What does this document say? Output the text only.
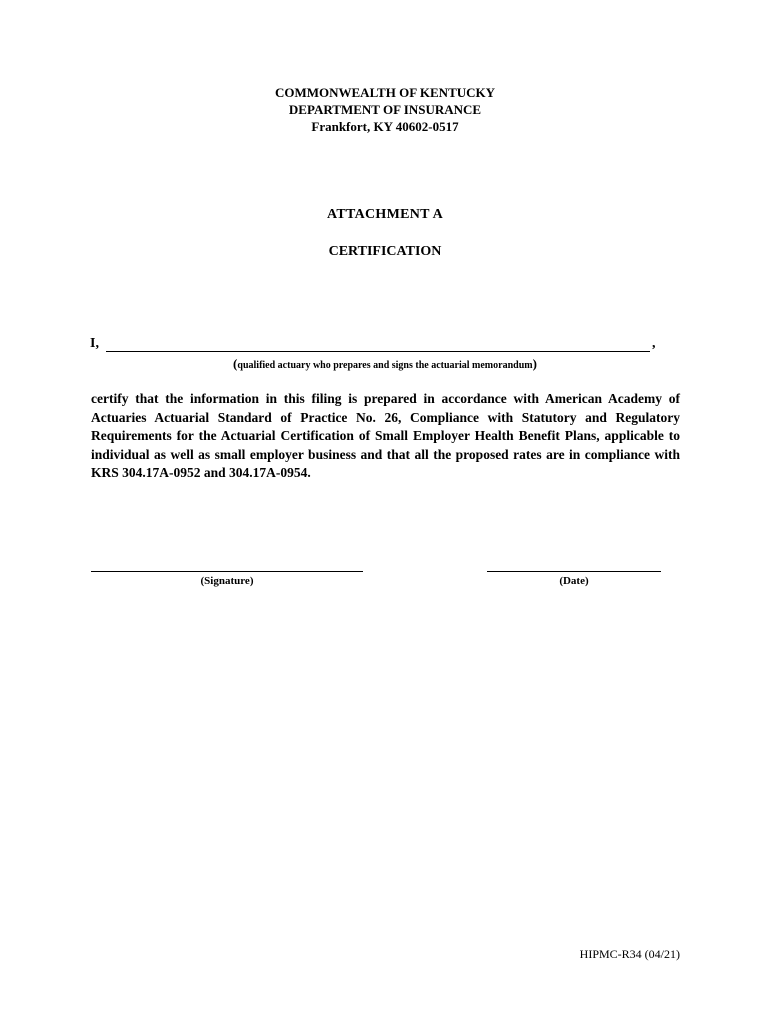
COMMONWEALTH OF KENTUCKY
DEPARTMENT OF INSURANCE
Frankfort, KY 40602-0517
ATTACHMENT A
CERTIFICATION
I,	,
(qualified actuary who prepares and signs the actuarial memorandum)
certify that the information in this filing is prepared in accordance with American Academy of Actuaries Actuarial Standard of Practice No. 26, Compliance with Statutory and Regulatory Requirements for the Actuarial Certification of Small Employer Health Benefit Plans, applicable to individual as well as small employer business and that all the proposed rates are in compliance with KRS 304.17A-0952 and 304.17A-0954.
(Signature)	(Date)
HIPMC-R34 (04/21)
